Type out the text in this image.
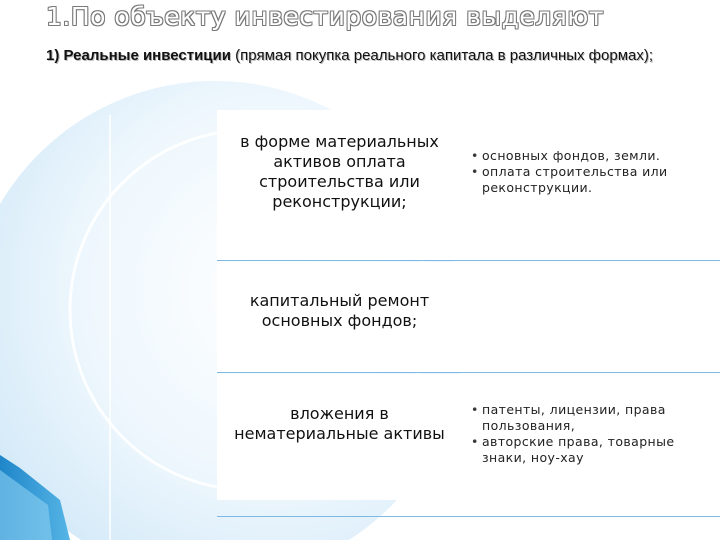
1.По объекту инвестирования выделяют
1) Реальные инвестиции (прямая покупка реального капитала в различных формах);
в форме материальных активов оплата строительства или реконструкции;
• основных фондов, земли.
• оплата строительства или реконструкции.
капитальный ремонт основных фондов;
вложения в нематериальные активы
• патенты, лицензии, права пользования,
• авторские права, товарные знаки, ноу-хау
